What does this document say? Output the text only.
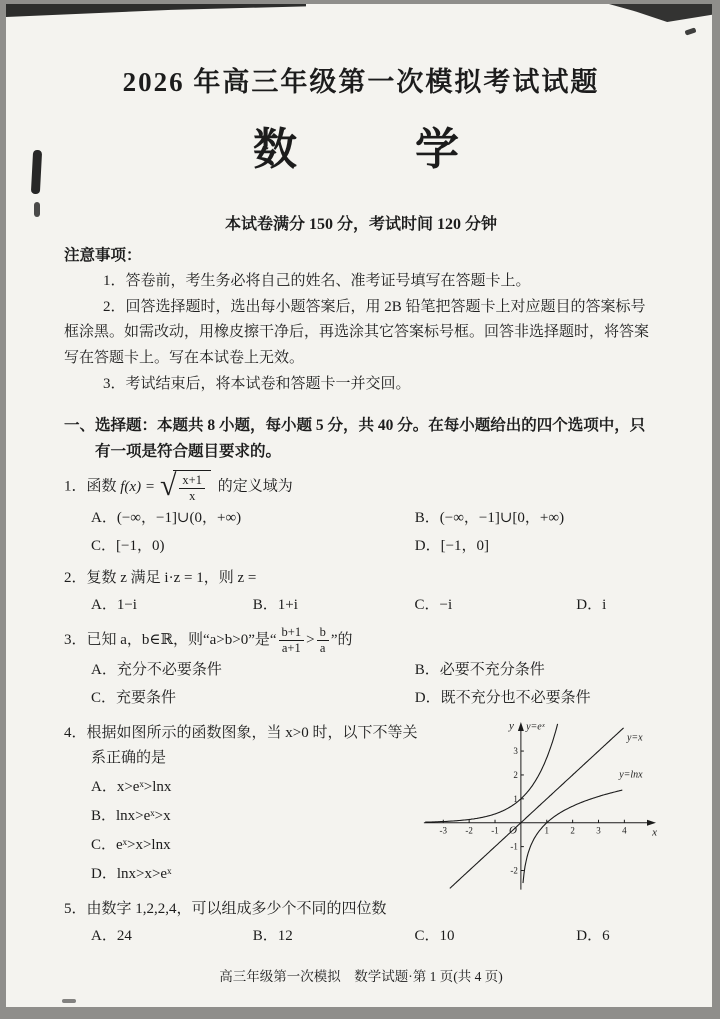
2026 年高三年级第一次模拟考试试题
数　　学
本试卷满分 150 分，考试时间 120 分钟
注意事项：

1．答卷前，考生务必将自己的姓名、准考证号填写在答题卡上。

2．回答选择题时，选出每小题答案后，用 2B 铅笔把答题卡上对应题目的答案标号框涂黑。如需改动，用橡皮擦干净后，再选涂其它答案标号框。回答非选择题时，将答案写在答题卡上。写在本试卷上无效。

3．考试结束后，将本试卷和答题卡一并交回。

一、选择题：本题共 8 小题，每小题 5 分，共 40 分。在每小题给出的四个选项中，只有一项是符合题目要求的。
1．函数 f(x) = √ $\frac{x+1}{x}$ 的定义域为
A．(−∞，−1]∪(0，+∞)	B．(−∞，−1]∪[0，+∞)
C．[−1，0)	D．[−1，0]
2．复数 z 满足 i·z = 1，则 z =
A．1−i	B．1+i	C．−i	D．i
3．已知 a，b∈ℝ，则“a>b>0”是“ $\frac{b+1}{a+1} > \frac{b}{a}$ ”的
A．充分不必要条件	B．必要不充分条件
C．充要条件	D．既不充分也不必要条件
4．根据如图所示的函数图象，当 x>0 时，以下不等关系正确的是
A．x>eˣ>lnx
B．lnx>eˣ>x
C．eˣ>x>lnx
D．lnx>x>eˣ
-3 -2 -1	1 2 3 4
-2
-1
1
2
3
O	x
y y=eˣ
y=x
y=lnx
5．由数字 1,2,2,4，可以组成多少个不同的四位数
A．24	B．12	C．10	D．6
高三年级第一次模拟　数学试题·第 1 页(共 4 页)
